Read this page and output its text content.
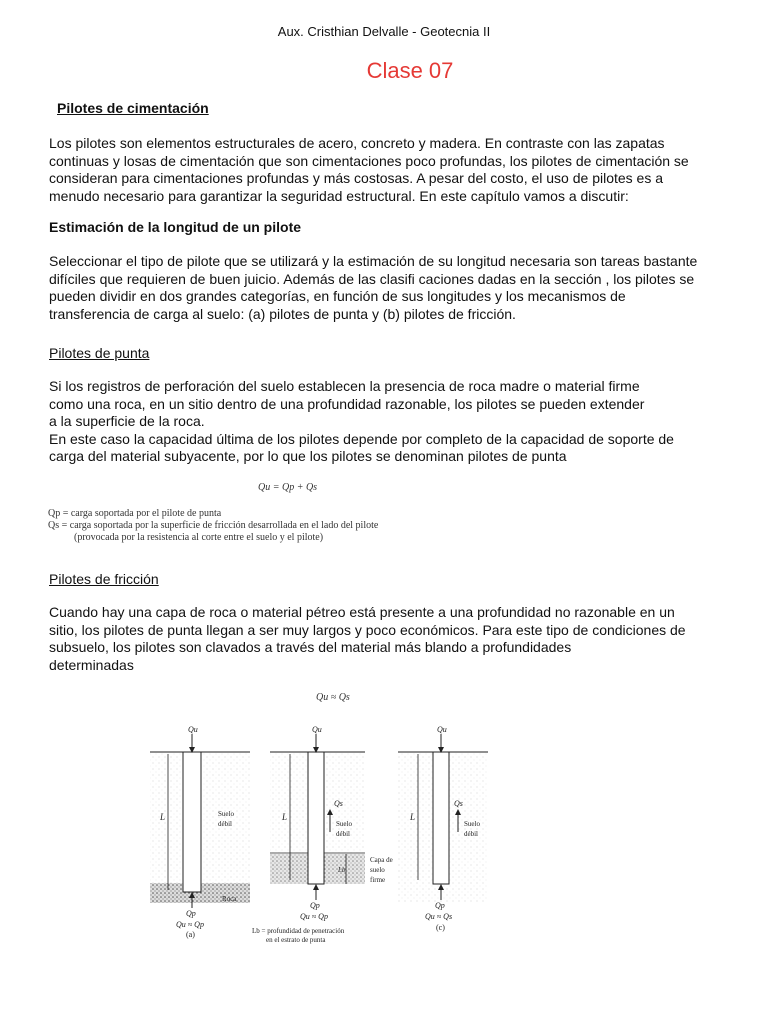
Aux. Cristhian Delvalle - Geotecnia II
Clase 07
Pilotes de cimentación

Los pilotes son elementos estructurales de acero, concreto y madera. En contraste con las zapatas

continuas y losas de cimentación que son cimentaciones poco profundas, los pilotes de cimentación se

consideran para cimentaciones profundas y más costosas. A pesar del costo, el uso de pilotes es a

menudo necesario para garantizar la seguridad estructural. En este capítulo vamos a discutir:

Estimación de la longitud de un pilote

Seleccionar el tipo de pilote que se utilizará y la estimación de su longitud necesaria son tareas bastante

difíciles que requieren de buen juicio. Además de las clasifi caciones dadas en la sección , los pilotes se

pueden dividir en dos grandes categorías, en función de sus longitudes y los mecanismos de

transferencia de carga al suelo: (a) pilotes de punta y (b) pilotes de fricción.

Pilotes de punta

Si los registros de perforación del suelo establecen la presencia de roca madre o material firme

como una roca, en un sitio dentro de una profundidad razonable, los pilotes se pueden extender

a la superficie de la roca.

En este caso la capacidad última de los pilotes depende por completo de la capacidad de soporte de

carga del material subyacente, por lo que los pilotes se denominan pilotes de punta

Qu = Qp + Qs
Qp = carga soportada por el pilote de punta
Qs = carga soportada por la superficie de fricción desarrollada en el lado del pilote
(provocada por la resistencia al corte entre el suelo y el pilote)
Pilotes de fricción

Cuando hay una capa de roca o material pétreo está presente a una profundidad no razonable en un

sitio, los pilotes de punta llegan a ser muy largos y poco económicos. Para este tipo de condiciones de

subsuelo, los pilotes son clavados a través del material más blando a profundidades

determinadas

Qu ≈ Qs
Qu
L	Suelo
débil
Roca
Qp
Qu ≈ Qp
(a)
Qu
L
Qs
Suelo
débil
Capa de
suelo
firme
Lb
Qp
Qu ≈ Qp
Lb = profundidad de penetración
en el estrato de punta
Qu
L
Qs
Suelo
débil
Qp
Qu ≈ Qs
(c)
